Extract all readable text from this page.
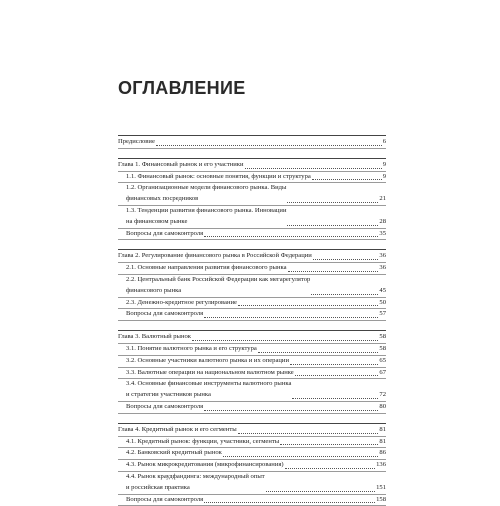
ОГЛАВЛЕНИЕ
Предисловие	6
Глава 1. Финансовый рынок и его участники	9
1.1. Финансовый рынок: основные понятия, функции и структура	9
1.2. Организационные модели финансового рынка. Виды
финансовых посредников	21
1.3. Тенденции развития финансового рынка. Инновации
на финансовом рынке	28
Вопросы для самоконтроля	35
Глава 2. Регулирование финансового рынка в Российской Федерации	36
2.1. Основные направления развития финансового рынка	36
2.2. Центральный банк Российской Федерации как мегарегулятор
финансового рынка	45
2.3. Денежно-кредитное регулирование	50
Вопросы для самоконтроля	57
Глава 3. Валютный рынок	58
3.1. Понятие валютного рынка и его структура	58
3.2. Основные участники валютного рынка и их операции	65
3.3. Валютные операции на национальном валютном рынке	67
3.4. Основные финансовые инструменты валютного рынка
и стратегии участников рынка	72
Вопросы для самоконтроля	80
Глава 4. Кредитный рынок и его сегменты	81
4.1. Кредитный рынок: функции, участники, сегменты	81
4.2. Банковский кредитный рынок	86
4.3. Рынок микрокредитования (микрофинансирования)	136
4.4. Рынок краудфандинга: международный опыт
и российская практика	151
Вопросы для самоконтроля	158
